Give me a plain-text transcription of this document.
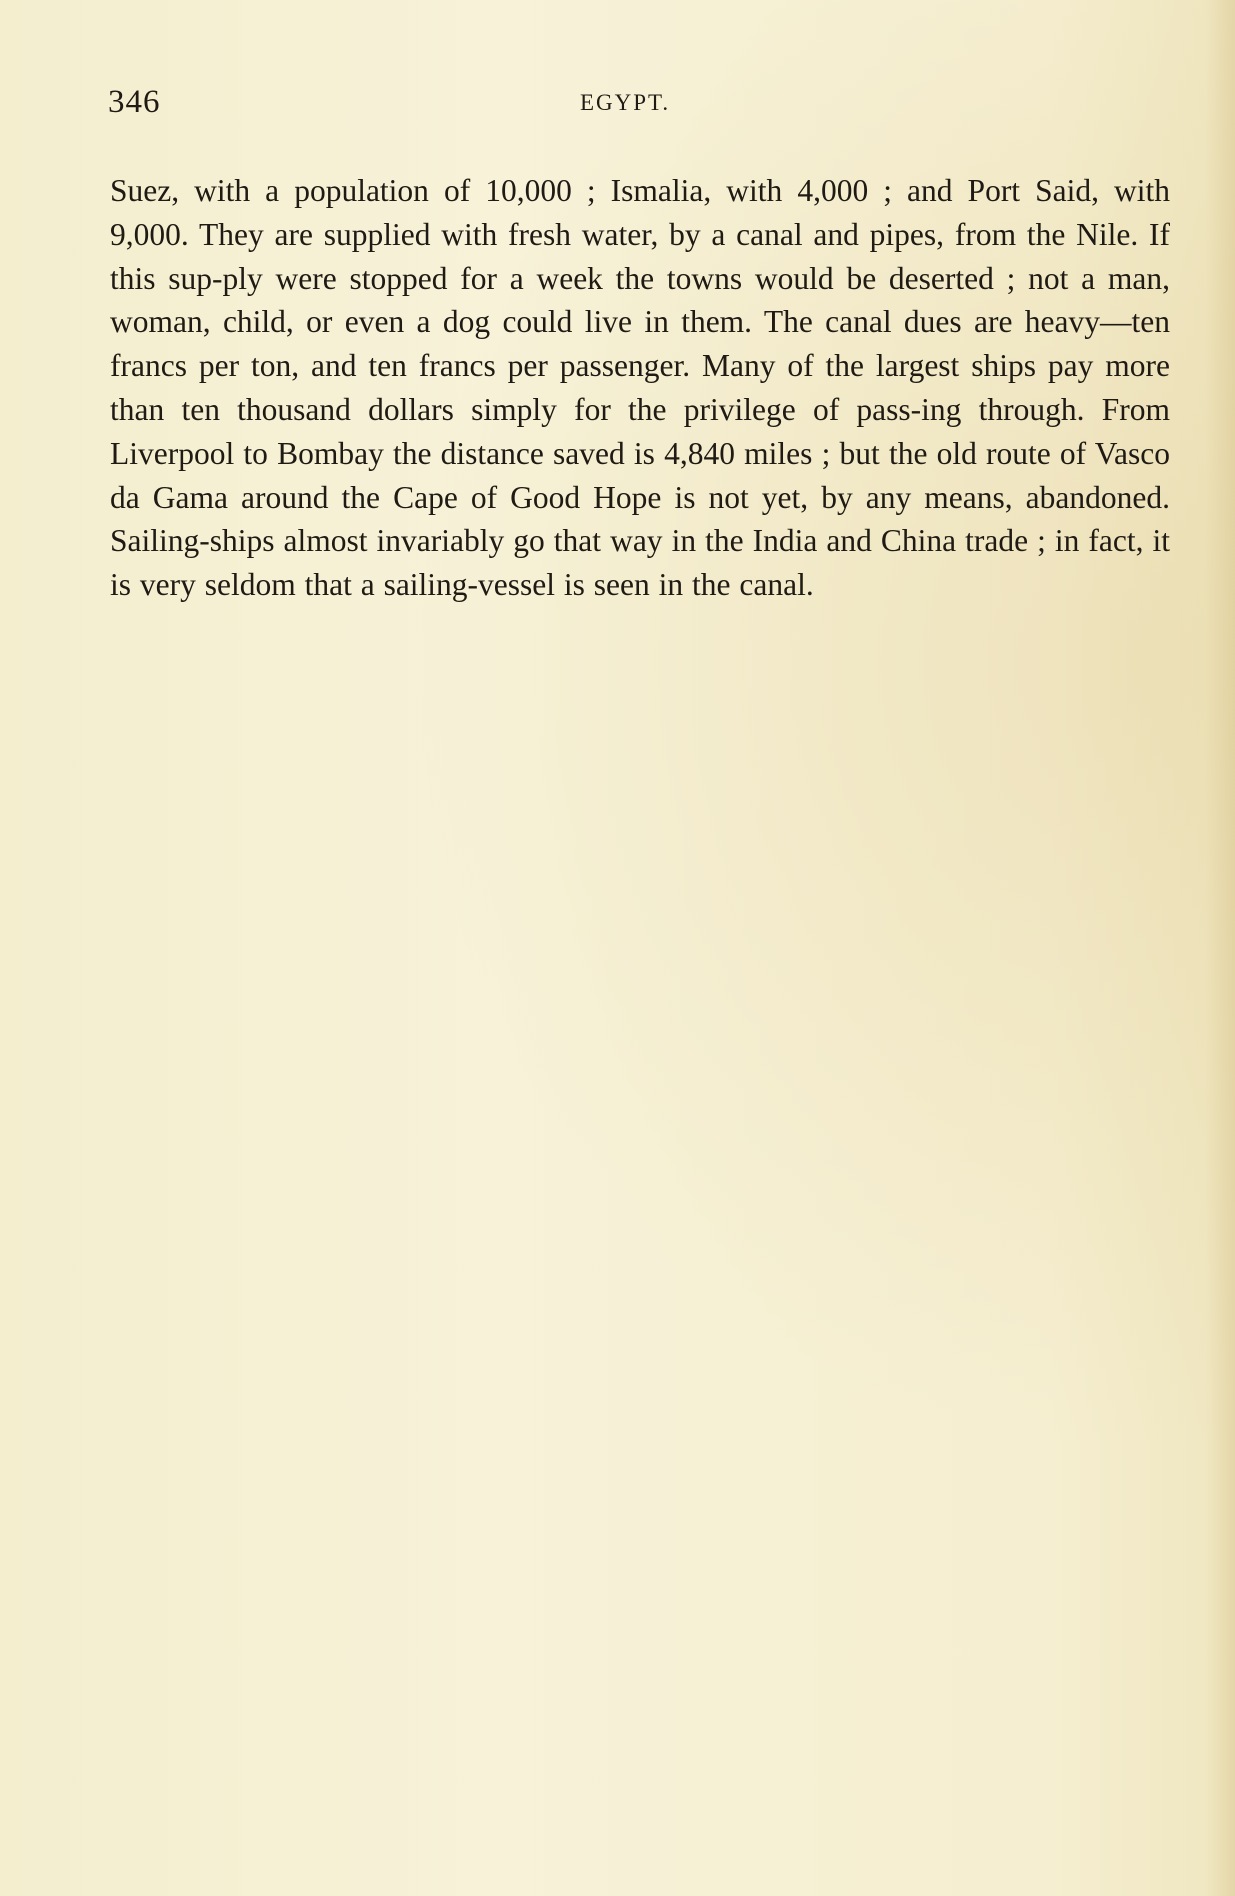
346	EGYPT.

Suez, with a population of 10,000 ; Ismalia, with 4,000 ; and Port Said, with 9,000. They are supplied with fresh water, by a canal and pipes, from the Nile. If this sup-ply were stopped for a week the towns would be deserted ; not a man, woman, child, or even a dog could live in them. The canal dues are heavy—ten francs per ton, and ten francs per passenger. Many of the largest ships pay more than ten thousand dollars simply for the privilege of pass-ing through. From Liverpool to Bombay the distance saved is 4,840 miles ; but the old route of Vasco da Gama around the Cape of Good Hope is not yet, by any means, abandoned. Sailing-ships almost invariably go that way in the India and China trade ; in fact, it is very seldom that a sailing-vessel is seen in the canal.
